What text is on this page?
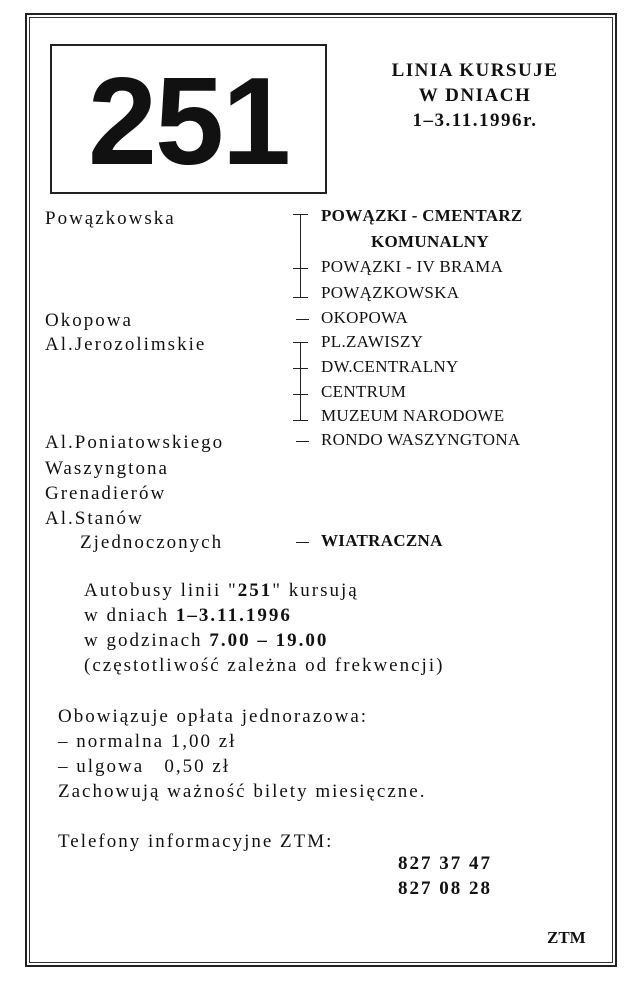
251	LINIA KURSUJE
W DNIACH
1–3.11.1996r.
Powązkowska
Okopowa
Al.Jerozolimskie
Al.Poniatowskiego
Waszyngtona
Grenadierów
Al.Stanów
Zjednoczonych
POWĄZKI - CMENTARZ
KOMUNALNY
POWĄZKI - IV BRAMA
POWĄZKOWSKA
OKOPOWA
PL.ZAWISZY
DW.CENTRALNY
CENTRUM
MUZEUM NARODOWE
RONDO WASZYNGTONA
WIATRACZNA
Autobusy linii "251" kursują
w dniach 1–3.11.1996
w godzinach 7.00 – 19.00
(częstotliwość zależna od frekwencji)
Obowiązuje opłata jednorazowa:
– normalna 1,00 zł
– ulgowa   0,50 zł
Zachowują ważność bilety miesięczne.
Telefony informacyjne ZTM:
827 37 47
827 08 28
ZTM
